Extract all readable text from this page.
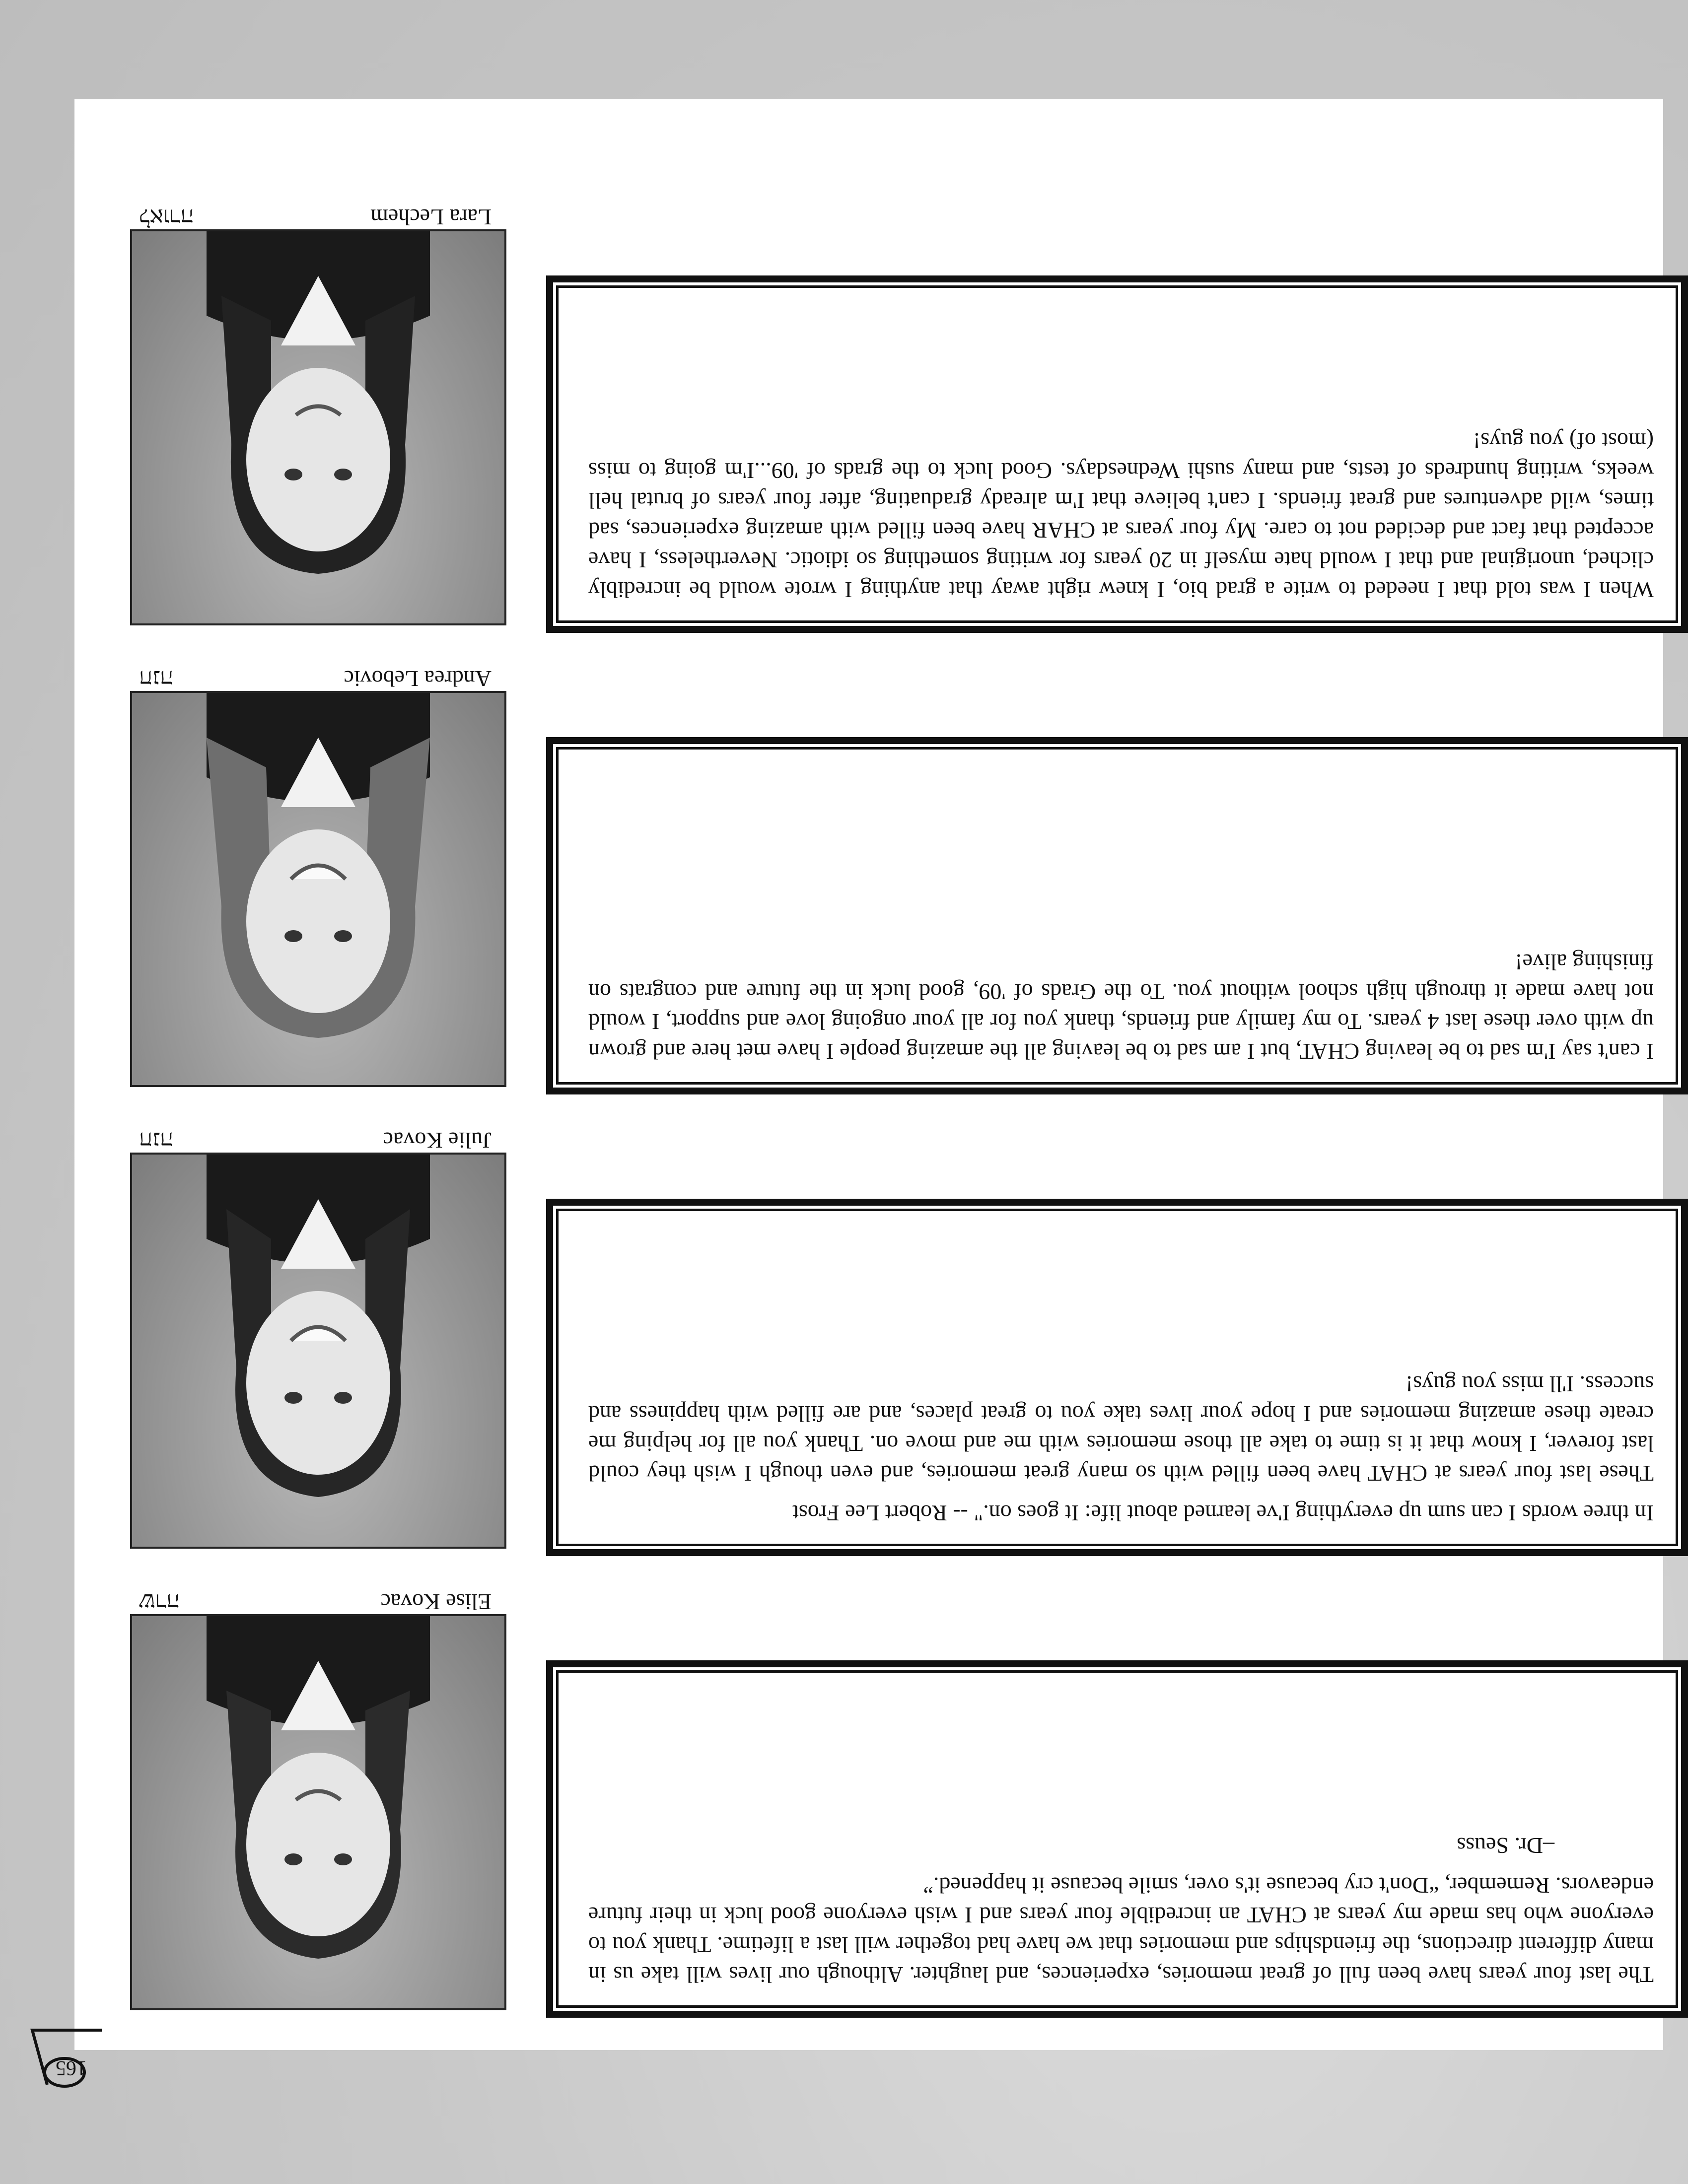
Elise Kovac
שרה

The last four years have been full of great memories, experiences, and laughter. Although our lives will take us in many different directions, the friendships and memories that we have had together will last a lifetime. Thank you to everyone who has made my years at CHAT an incredible four years and I wish everyone good luck in their future endeavors. Remember, “Don't cry because it's over, smile because it happened.”

–Dr. Seuss

Julie Kovac
חנה

In three words I can sum up everything I've learned about life: It goes on." -- Robert Lee Frost

These last four years at CHAT have been filled with so many great memories, and even though I wish they could last forever, I know that it is time to take all those memories with me and move on. Thank you all for helping me create these amazing memories and I hope your lives take you to great places, and are filled with happiness and success. I'll miss you guys!

Andrea Lebovic
חנה

I can't say I'm sad to be leaving CHAT, but I am sad to be leaving all the amazing people I have met here and grown up with over these last 4 years. To my family and friends, thank you for all your ongoing love and support, I would not have made it through high school without you. To the Grads of '09, good luck in the future and congrats on finishing alive!

Lara Lechem
לאורה

When I was told that I needed to write a grad bio, I knew right away that anything I wrote would be incredibly cliched, unoriginal and that I would hate myself in 20 years for writing something so idiotic. Nevertheless, I have accepted that fact and decided not to care. My four years at CHAR have been filled with amazing experiences, sad times, wild adventures and great friends. I can't believe that I'm already graduating, after four years of brutal hell weeks, writing hundreds of tests, and many sushi Wednesdays. Good luck to the grads of '09...I'm going to miss (most of) you guys!

165
